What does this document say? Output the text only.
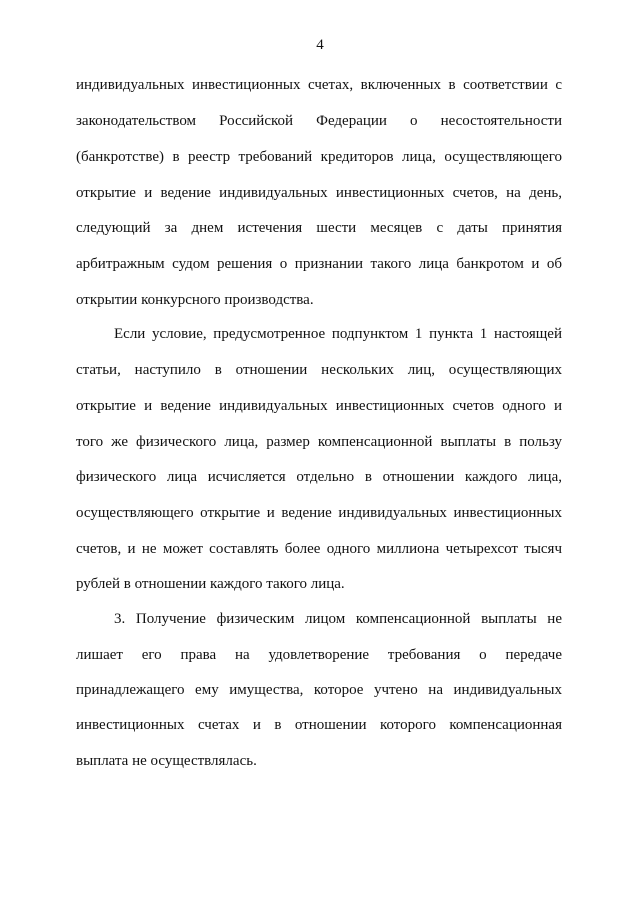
4
индивидуальных инвестиционных счетах, включенных в соответствии с
законодательством Российской Федерации о несостоятельности
(банкротстве) в реестр требований кредиторов лица, осуществляющего
открытие и ведение индивидуальных инвестиционных счетов, на день,
следующий за днем истечения шести месяцев с даты принятия
арбитражным судом решения о признании такого лица банкротом и об
открытии конкурсного производства.
Если условие, предусмотренное подпунктом 1 пункта 1 настоящей
статьи, наступило в отношении нескольких лиц, осуществляющих
открытие и ведение индивидуальных инвестиционных счетов одного и
того же физического лица, размер компенсационной выплаты в пользу
физического лица исчисляется отдельно в отношении каждого лица,
осуществляющего открытие и ведение индивидуальных инвестиционных
счетов, и не может составлять более одного миллиона четырехсот тысяч
рублей в отношении каждого такого лица.
3. Получение физическим лицом компенсационной выплаты не
лишает его права на удовлетворение требования о передаче
принадлежащего ему имущества, которое учтено на индивидуальных
инвестиционных счетах и в отношении которого компенсационная
выплата не осуществлялась.
